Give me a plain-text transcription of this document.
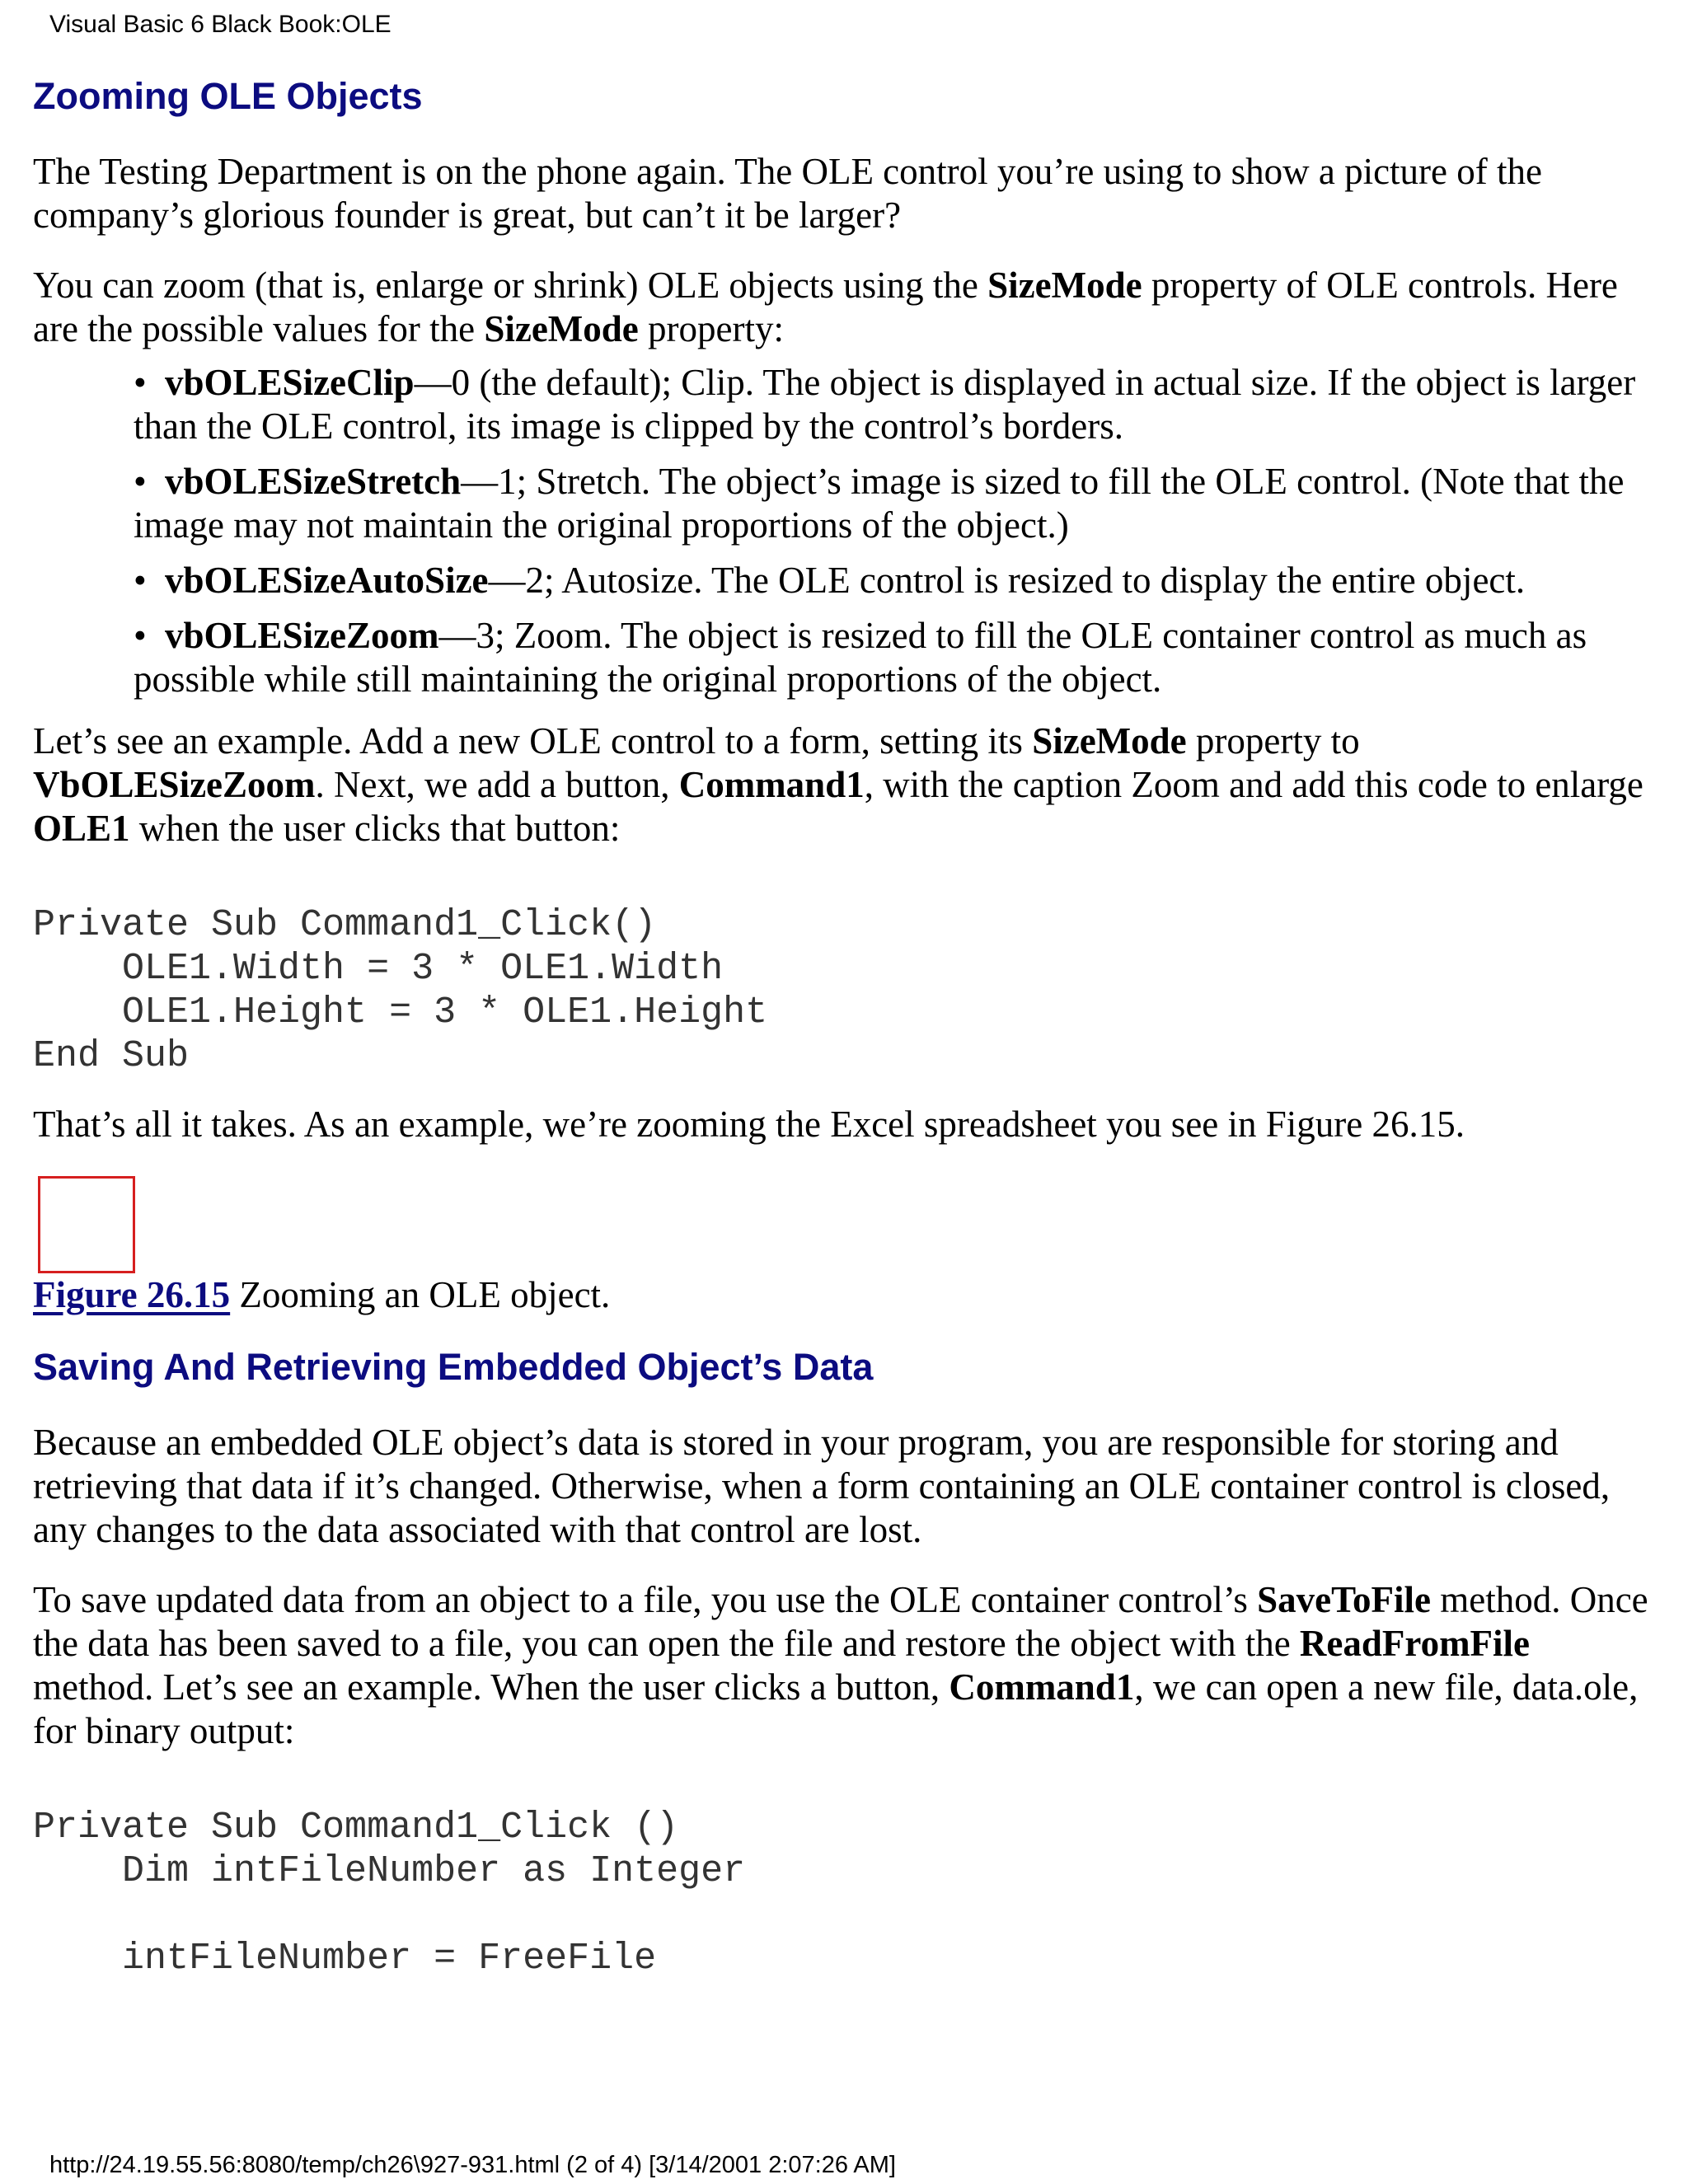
Visual Basic 6 Black Book:OLE
Zooming OLE Objects

The Testing Department is on the phone again. The OLE control you’re using to show a picture of the company’s glorious founder is great, but can’t it be larger?

You can zoom (that is, enlarge or shrink) OLE objects using the SizeMode property of OLE controls. Here are the possible values for the SizeMode property:

• vbOLESizeClip—0 (the default); Clip. The object is displayed in actual size. If the object is larger than the OLE control, its image is clipped by the control’s borders.
• vbOLESizeStretch—1; Stretch. The object’s image is sized to fill the OLE control. (Note that the image may not maintain the original proportions of the object.)
• vbOLESizeAutoSize—2; Autosize. The OLE control is resized to display the entire object.
• vbOLESizeZoom—3; Zoom. The object is resized to fill the OLE container control as much as possible while still maintaining the original proportions of the object.

Let’s see an example. Add a new OLE control to a form, setting its SizeMode property to VbOLESizeZoom. Next, we add a button, Command1, with the caption Zoom and add this code to enlarge OLE1 when the user clicks that button:

Private Sub Command1_Click()
OLE1.Width = 3 * OLE1.Width
OLE1.Height = 3 * OLE1.Height
End Sub

That’s all it takes. As an example, we’re zooming the Excel spreadsheet you see in Figure 26.15.

Figure 26.15 Zooming an OLE object.
Saving And Retrieving Embedded Object’s Data

Because an embedded OLE object’s data is stored in your program, you are responsible for storing and retrieving that data if it’s changed. Otherwise, when a form containing an OLE container control is closed, any changes to the data associated with that control are lost.

To save updated data from an object to a file, you use the OLE container control’s SaveToFile method. Once the data has been saved to a file, you can open the file and restore the object with the ReadFromFile method. Let’s see an example. When the user clicks a button, Command1, we can open a new file, data.ole, for binary output:

Private Sub Command1_Click ()
Dim intFileNumber as Integer

intFileNumber = FreeFile
http://24.19.55.56:8080/temp/ch26\927-931.html (2 of 4) [3/14/2001 2:07:26 AM]
